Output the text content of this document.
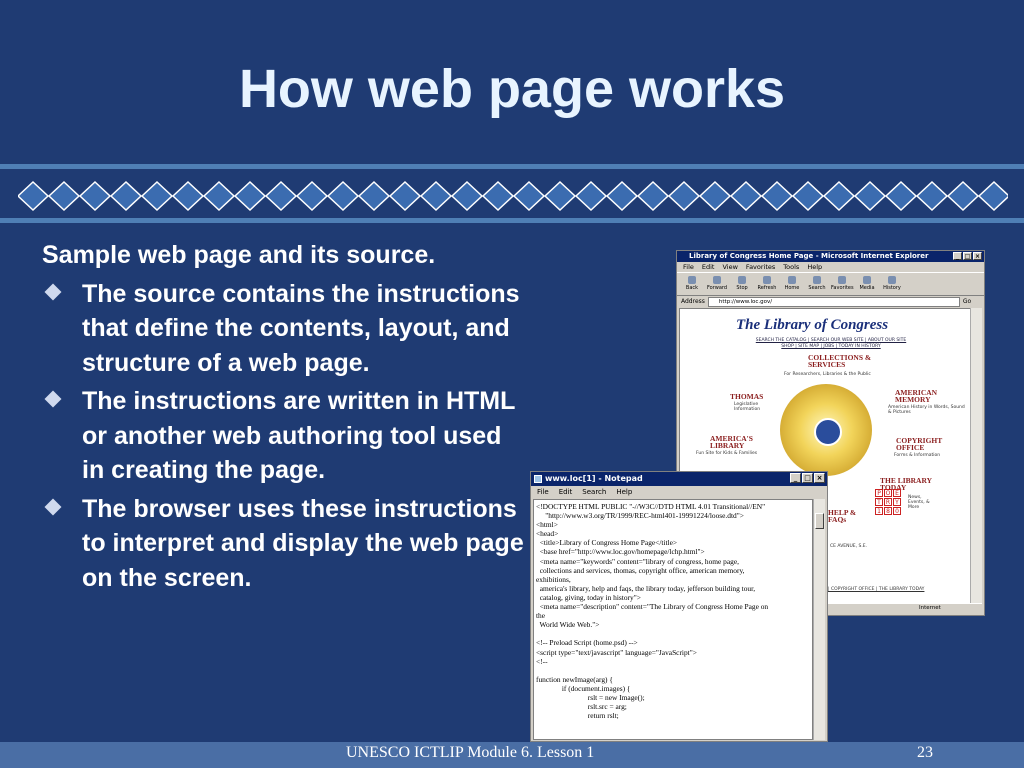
How web page works
Sample web page and its source.
The source contains the instructions that define the contents, layout, and structure of a web page.
The instructions are written in HTML or another web authoring tool used in creating the page.
The browser uses these instructions to interpret and display the web page on the screen.
Library of Congress Home Page - Microsoft Internet Explorer	_ □ ×
File Edit View Favorites Tools Help
Back	Forward	Stop	Refresh	Home	Search	Favorites	Media	History
Address	http://www.loc.gov/	Go
The Library of Congress
SEARCH THE CATALOG | SEARCH OUR WEB SITE | ABOUT OUR SITE
SHOP | SITE MAP | JOBS | TODAY IN HISTORY
COLLECTIONS & SERVICES
For Researchers, Libraries & the Public
THOMAS
Legislative Information
AMERICAN MEMORY
American History in Words, Sound & Pictures
AMERICA'S LIBRARY
Fun Site for Kids & Families
COPYRIGHT OFFICE
Forms & Information
THE LIBRARY TODAY
News, Events, & More
P O E
T R Y
1 8 0
HELP & FAQs
CE AVENUE, S.E.
| COPYRIGHT OFFICE | THE LIBRARY TODAY
Internet
www.loc[1] - Notepad	_ □ ×
File Edit Search Help
<!DOCTYPE HTML PUBLIC "-//W3C//DTD HTML 4.01 Transitional//EN"
"http://www.w3.org/TR/1999/REC-html401-19991224/loose.dtd">
<html>
<head>
<title>Library of Congress Home Page</title>
<base href="http://www.loc.gov/homepage/lchp.html">
<meta name="keywords" content="library of congress, home page,
collections and services, thomas, copyright office, american memory,
exhibitions,
america's library, help and faqs, the library today, jefferson building tour,
catalog, giving, today in history">
<meta name="description" content="The Library of Congress Home Page on
the
World Wide Web.">

<!-- Preload Script (home.psd) -->
<script type="text/javascript" language="JavaScript">
<!--

function newImage(arg) {
if (document.images) {
rslt = new Image();
rslt.src = arg;
return rslt;
UNESCO ICTLIP Module 6. Lesson 1	23
